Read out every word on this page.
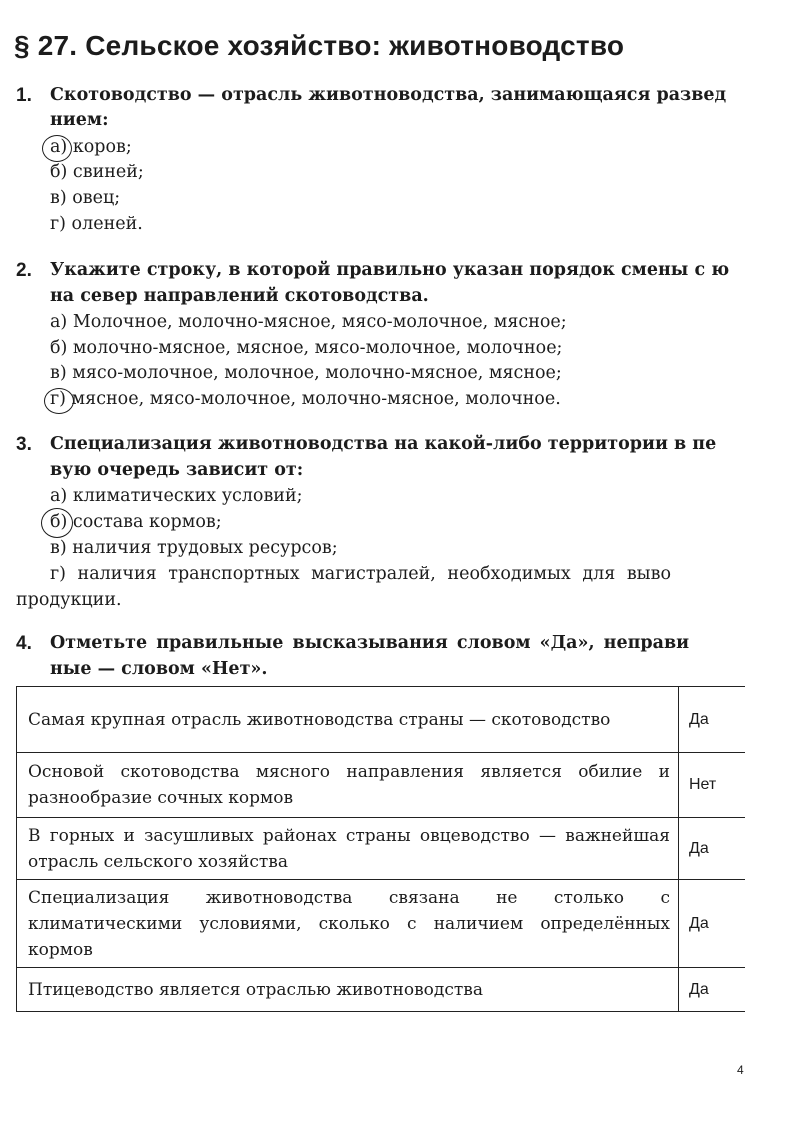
§ 27. Сельское хозяйство: животноводство
1.	Скотоводство — отрасль животноводства, занимающаяся развед
нием:
а) коров;
б) свиней;
в) овец;
г) оленей.
2.	Укажите строку, в которой правильно указан порядок смены с ю
на север направлений скотоводства.
а) Молочное, молочно-мясное, мясо-молочное, мясное;
б) молочно-мясное, мясное, мясо-молочное, молочное;
в) мясо-молочное, молочное, молочно-мясное, мясное;
г) мясное, мясо-молочное, молочно-мясное, молочное.
3.	Специализация животноводства на какой-либо территории в пе
вую очередь зависит от:
а) климатических условий;
б) состава кормов;
в) наличия трудовых ресурсов;
г) наличия транспортных магистралей, необходимых для выво
продукции.
4.	Отметьте правильные высказывания словом «Да», неправи
ные — словом «Нет».
Самая крупная отрасль животноводства страны — скотоводство	Да
Основой скотоводства мясного направления является обилие и разнообразие сочных кормов	Нет
В горных и засушливых районах страны овцеводство — важнейшая отрасль сельского хозяйства	Да
Специализация животноводства связана не столько с климатическими условиями, сколько с наличием определённых кормов	Да
Птицеводство является отраслью животноводства	Да
4
